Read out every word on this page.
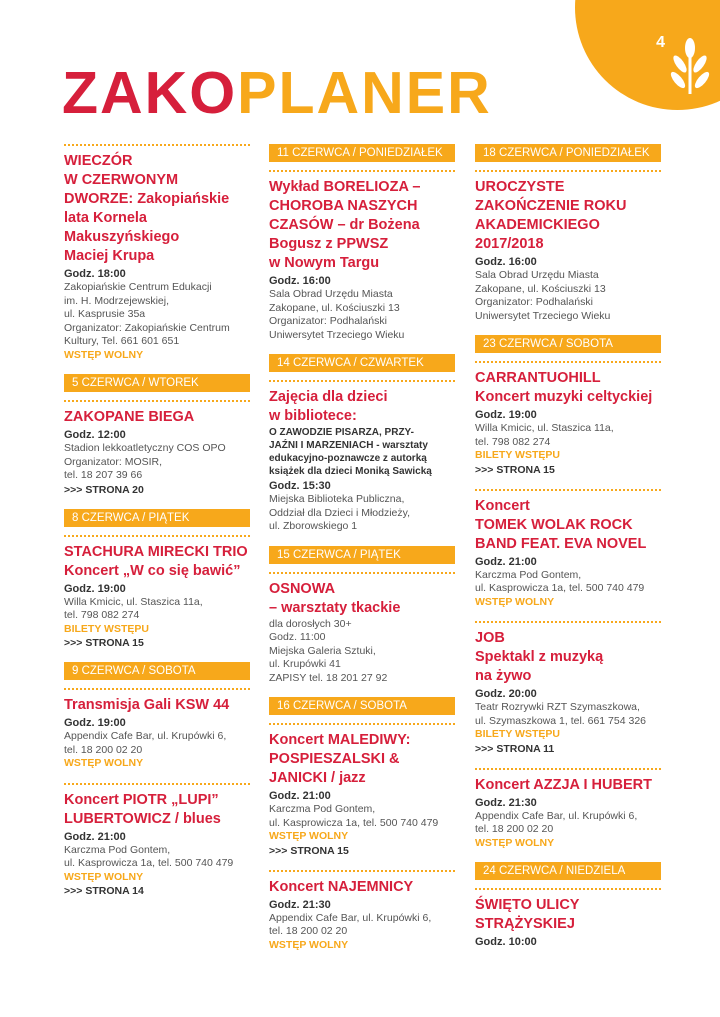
4
ZAKOPLANER
WIECZÓR
W CZERWONYM
DWORZE: Zakopiańskie
lata Kornela
Makuszyńskiego
Maciej Krupa
Godz. 18:00
Zakopiańskie Centrum Edukacji
im. H. Modrzejewskiej,
ul. Kasprusie 35a
Organizator: Zakopiańskie Centrum
Kultury, Tel. 661 601 651
WSTĘP WOLNY
5 CZERWCA / WTOREK
ZAKOPANE BIEGA
Godz. 12:00
Stadion lekkoatletyczny COS OPO
Organizator: MOSIR,
tel. 18 207 39 66
>>> STRONA 20
8 CZERWCA / PIĄTEK
STACHURA MIRECKI TRIO
Koncert „W co się bawić”
Godz. 19:00
Willa Kmicic, ul. Staszica 11a,
tel. 798 082 274
BILETY WSTĘPU
>>> STRONA 15
9 CZERWCA / SOBOTA
Transmisja Gali KSW 44
Godz. 19:00
Appendix Cafe Bar, ul. Krupówki 6,
tel. 18 200 02 20
WSTĘP WOLNY
Koncert PIOTR „LUPI”
LUBERTOWICZ / blues
Godz. 21:00
Karczma Pod Gontem,
ul. Kasprowicza 1a, tel. 500 740 479
WSTĘP WOLNY
>>> STRONA 14
11 CZERWCA / PONIEDZIAŁEK
Wykład BORELIOZA –
CHOROBA NASZYCH
CZASÓW – dr Bożena
Bogusz z PPWSZ
w Nowym Targu
Godz. 16:00
Sala Obrad Urzędu Miasta
Zakopane, ul. Kościuszki 13
Organizator: Podhalański
Uniwersytet Trzeciego Wieku
14 CZERWCA / CZWARTEK
Zajęcia dla dzieci
w bibliotece:
O ZAWODZIE PISARZA, PRZY-
JAŹNI I MARZENIACH - warsztaty
edukacyjno-poznawcze z autorką
książek dla dzieci Moniką Sawicką
Godz. 15:30
Miejska Biblioteka Publiczna,
Oddział dla Dzieci i Młodzieży,
ul. Zborowskiego 1
15 CZERWCA / PIĄTEK
OSNOWA
– warsztaty tkackie
dla dorosłych 30+
Godz. 11:00
Miejska Galeria Sztuki,
ul. Krupówki 41
ZAPISY tel. 18 201 27 92
16 CZERWCA / SOBOTA
Koncert MALEDIWY:
POSPIESZALSKI &
JANICKI / jazz
Godz. 21:00
Karczma Pod Gontem,
ul. Kasprowicza 1a, tel. 500 740 479
WSTĘP WOLNY
>>> STRONA 15
Koncert NAJEMNICY
Godz. 21:30
Appendix Cafe Bar, ul. Krupówki 6,
tel. 18 200 02 20
WSTĘP WOLNY
18 CZERWCA / PONIEDZIAŁEK
UROCZYSTE
ZAKOŃCZENIE ROKU
AKADEMICKIEGO
2017/2018
Godz. 16:00
Sala Obrad Urzędu Miasta
Zakopane, ul. Kościuszki 13
Organizator: Podhalański
Uniwersytet Trzeciego Wieku
23 CZERWCA / SOBOTA
CARRANTUOHILL
Koncert muzyki celtyckiej
Godz. 19:00
Willa Kmicic, ul. Staszica 11a,
tel. 798 082 274
BILETY WSTĘPU
>>> STRONA 15
Koncert
TOMEK WOLAK ROCK
BAND FEAT. EVA NOVEL
Godz. 21:00
Karczma Pod Gontem,
ul. Kasprowicza 1a, tel. 500 740 479
WSTĘP WOLNY
JOB
Spektakl z muzyką
na żywo
Godz. 20:00
Teatr Rozrywki RZT Szymaszkowa,
ul. Szymaszkowa 1, tel. 661 754 326
BILETY WSTĘPU
>>> STRONA 11
Koncert AZZJA I HUBERT
Godz. 21:30
Appendix Cafe Bar, ul. Krupówki 6,
tel. 18 200 02 20
WSTĘP WOLNY
24 CZERWCA / NIEDZIELA
ŚWIĘTO ULICY
STRĄŻYSKIEJ
Godz. 10:00
